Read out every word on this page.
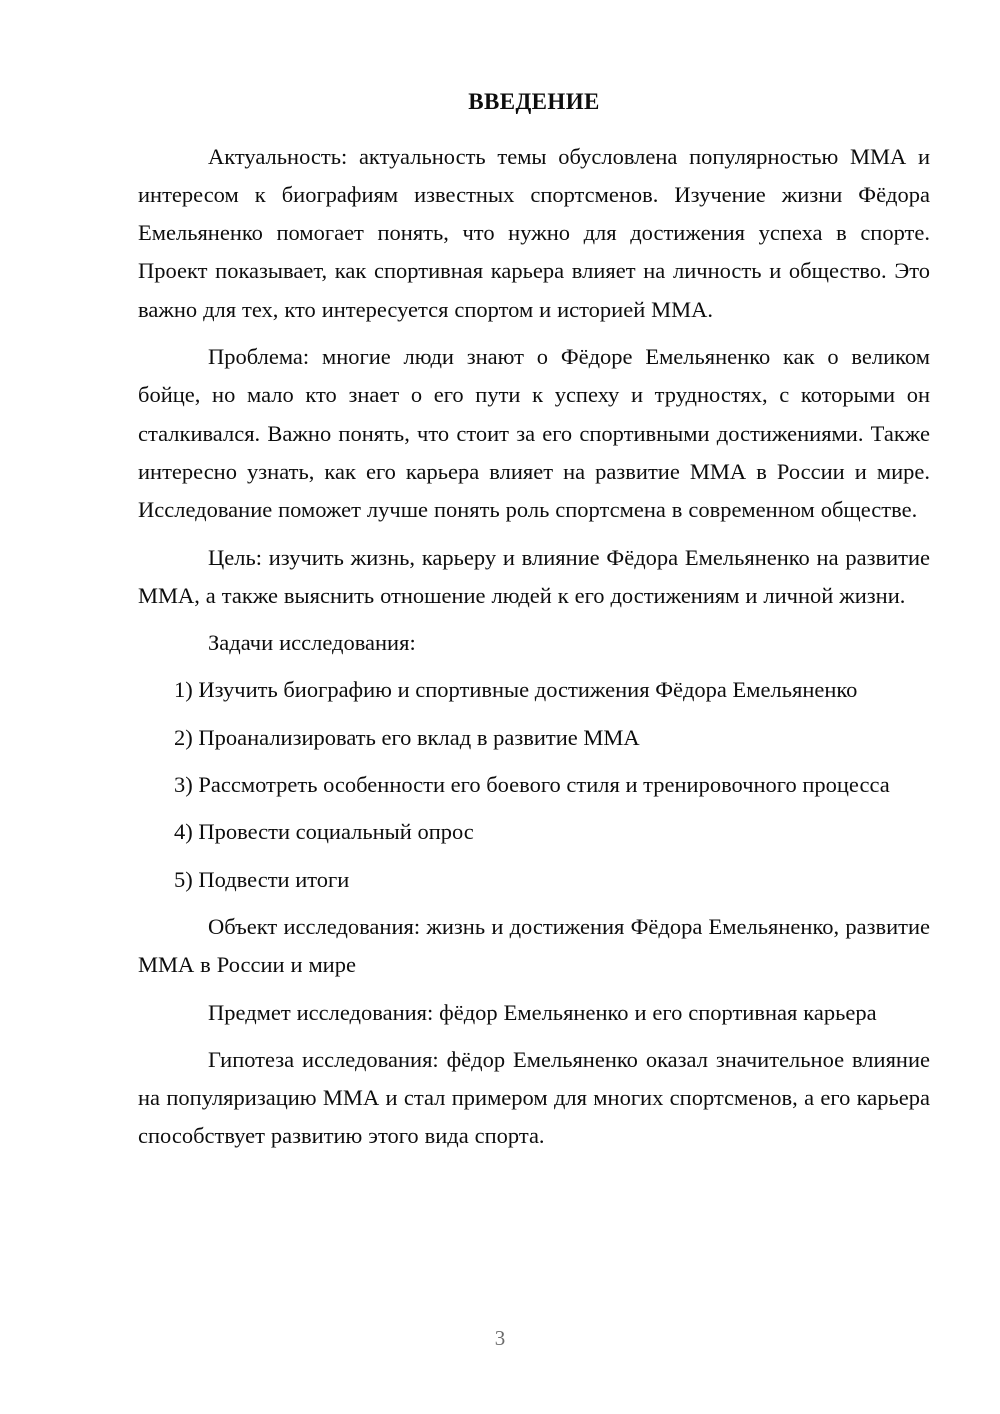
ВВЕДЕНИЕ

Актуальность: актуальность темы обусловлена популярностью ММА и интересом к биографиям известных спортсменов. Изучение жизни Фёдора Емельяненко помогает понять, что нужно для достижения успеха в спорте. Проект показывает, как спортивная карьера влияет на личность и общество. Это важно для тех, кто интересуется спортом и историей ММА.

Проблема: многие люди знают о Фёдоре Емельяненко как о великом бойце, но мало кто знает о его пути к успеху и трудностях, с которыми он сталкивался. Важно понять, что стоит за его спортивными достижениями. Также интересно узнать, как его карьера влияет на развитие ММА в России и мире. Исследование поможет лучше понять роль спортсмена в современном обществе.

Цель: изучить жизнь, карьеру и влияние Фёдора Емельяненко на развитие ММА, а также выяснить отношение людей к его достижениям и личной жизни.

Задачи исследования:

1) Изучить биографию и спортивные достижения Фёдора Емельяненко

2) Проанализировать его вклад в развитие ММА

3) Рассмотреть особенности его боевого стиля и тренировочного процесса

4) Провести социальный опрос

5) Подвести итоги

Объект исследования: жизнь и достижения Фёдора Емельяненко, развитие ММА в России и мире

Предмет исследования: фёдор Емельяненко и его спортивная карьера

Гипотеза исследования: фёдор Емельяненко оказал значительное влияние на популяризацию ММА и стал примером для многих спортсменов, а его карьера способствует развитию этого вида спорта.

3
